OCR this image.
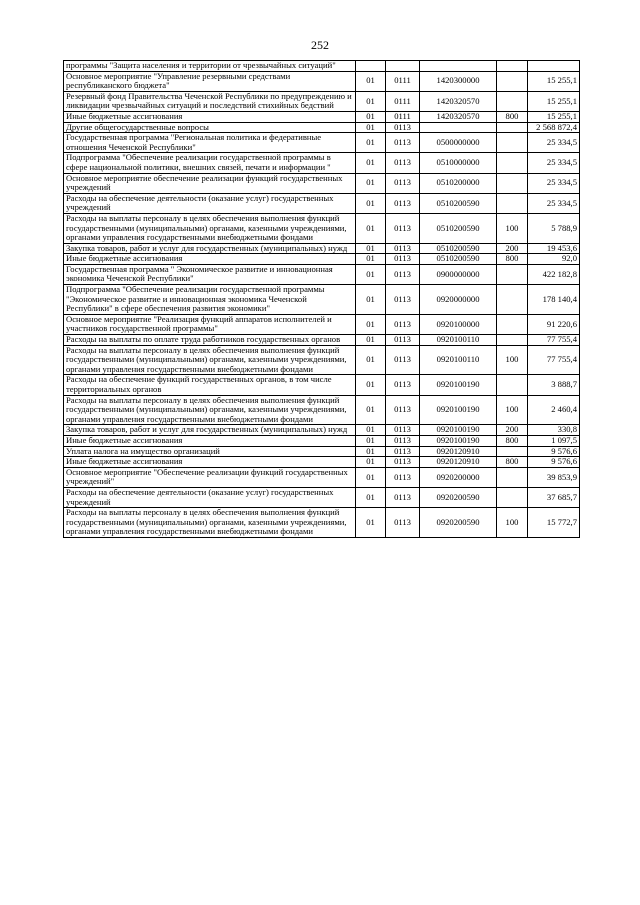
252
программы "Защита населения и территории от чрезвычайных ситуаций"					
Основное мероприятие "Управление резервными средствами республиканского бюджета"	01	0111	1420300000		15 255,1
Резервный фонд Правительства Чеченской Республики по предупреждению и ликвидации чрезвычайных ситуаций и последствий стихийных бедствий	01	0111	1420320570		15 255,1
Иные бюджетные ассигнования	01	0111	1420320570	800	15 255,1
Другие общегосударственные вопросы	01	0113			2 568 872,4
Государственная программа "Региональная политика и федеративные отношения Чеченской Республики"	01	0113	0500000000		25 334,5
Подпрограмма "Обеспечение реализации государственной программы в сфере национальной политики, внешних связей, печати и информации "	01	0113	0510000000		25 334,5
Основное мероприятие обеспечение реализации функций государственных учреждений	01	0113	0510200000		25 334,5
Расходы на обеспечение деятельности (оказание услуг) государственных учреждений	01	0113	0510200590		25 334,5
Расходы на выплаты персоналу в целях обеспечения выполнения функций государственными (муниципальными) органами, казенными учреждениями, органами управления государственными внебюджетными фондами	01	0113	0510200590	100	5 788,9
Закупка товаров, работ и услуг для государственных (муниципальных) нужд	01	0113	0510200590	200	19 453,6
Иные бюджетные ассигнования	01	0113	0510200590	800	92,0
Государственная программа " Экономическое развитие и инновационная экономика Чеченской Республики"	01	0113	0900000000		422 182,8
Подпрограмма "Обеспечение реализации государственной программы "Экономическое развитие и инновационная экономика Чеченской Республики" в сфере обеспечения развития экономики"	01	0113	0920000000		178 140,4
Основное мероприятие "Реализация функций аппаратов исполнителей и участников государственной программы"	01	0113	0920100000		91 220,6
Расходы на выплаты по оплате труда работников государственных органов	01	0113	0920100110		77 755,4
Расходы на выплаты персоналу в целях обеспечения выполнения функций государственными (муниципальными) органами, казенными учреждениями, органами управления государственными внебюджетными фондами	01	0113	0920100110	100	77 755,4
Расходы на обеспечение функций государственных органов, в том числе территориальных органов	01	0113	0920100190		3 888,7
Расходы на выплаты персоналу в целях обеспечения выполнения функций государственными (муниципальными) органами, казенными учреждениями, органами управления государственными внебюджетными фондами	01	0113	0920100190	100	2 460,4
Закупка товаров, работ и услуг для государственных (муниципальных) нужд	01	0113	0920100190	200	330,8
Иные бюджетные ассигнования	01	0113	0920100190	800	1 097,5
Уплата налога на имущество организаций	01	0113	0920120910		9 576,6
Иные бюджетные ассигнования	01	0113	0920120910	800	9 576,6
Основное мероприятие "Обеспечение реализации функций государственных учреждений"	01	0113	0920200000		39 853,9
Расходы на обеспечение деятельности (оказание услуг) государственных учреждений	01	0113	0920200590		37 685,7
Расходы на выплаты персоналу в целях обеспечения выполнения функций государственными (муниципальными) органами, казенными учреждениями, органами управления государственными внебюджетными фондами	01	0113	0920200590	100	15 772,7
